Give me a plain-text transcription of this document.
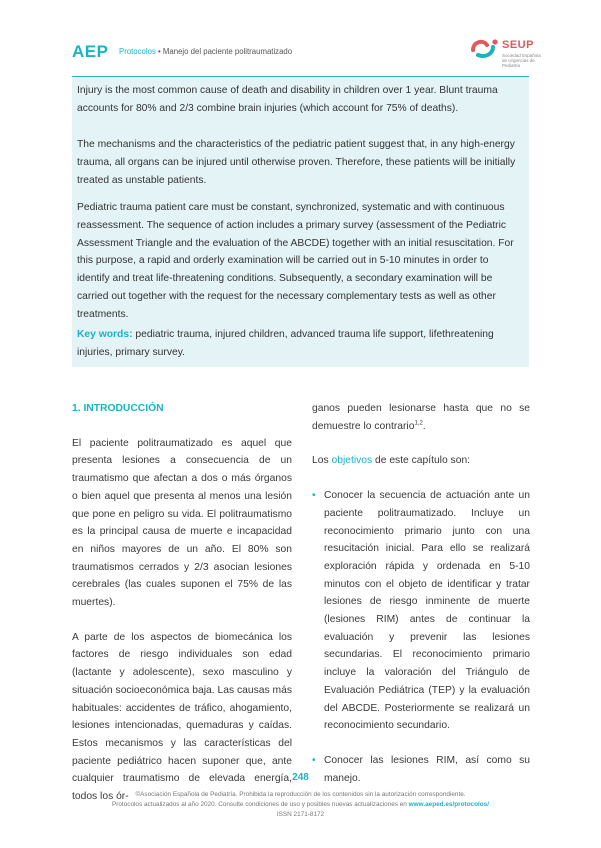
AEP Protocolos • Manejo del paciente politraumatizado
SEUP
Sociedad Española de Urgencias de Pediatría

Injury is the most common cause of death and disability in children over 1 year. Blunt trauma accounts for 80% and 2/3 combine brain injuries (which account for 75% of deaths).

The mechanisms and the characteristics of the pediatric patient suggest that, in any high-energy trauma, all organs can be injured until otherwise proven. Therefore, these patients will be initially treated as unstable patients.

Pediatric trauma patient care must be constant, synchronized, systematic and with continuous reassessment. The sequence of action includes a primary survey (assessment of the Pediatric Assessment Triangle and the evaluation of the ABCDE) together with an initial resuscitation. For this purpose, a rapid and orderly examination will be carried out in 5-10 minutes in order to identify and treat life-threatening conditions. Subsequently, a secondary examination will be carried out together with the request for the necessary complementary tests as well as other treatments.

Key words: pediatric trauma, injured children, advanced trauma life support, lifethreatening injuries, primary survey.

1. INTRODUCCIÓN

El paciente politraumatizado es aquel que presenta lesiones a consecuencia de un traumatismo que afectan a dos o más órganos o bien aquel que presenta al menos una lesión que pone en peligro su vida. El politraumatismo es la principal causa de muerte e incapacidad en niños mayores de un año. El 80% son traumatismos cerrados y 2/3 asocian lesiones cerebrales (las cuales suponen el 75% de las muertes).

A parte de los aspectos de biomecánica los factores de riesgo individuales son edad (lactante y adolescente), sexo masculino y situación socioeconómica baja. Las causas más habituales: accidentes de tráfico, ahogamiento, lesiones intencionadas, quemaduras y caídas. Estos mecanismos y las características del paciente pediátrico hacen suponer que, ante cualquier traumatismo de elevada energía, todos los ór-

ganos pueden lesionarse hasta que no se demuestre lo contrario$^{1,2}$.

Los objetivos de este capítulo son:

• Conocer la secuencia de actuación ante un paciente politraumatizado. Incluye un reconocimiento primario junto con una resucitación inicial. Para ello se realizará exploración rápida y ordenada en 5-10 minutos con el objeto de identificar y tratar lesiones de riesgo inminente de muerte (lesiones RIM) antes de continuar la evaluación y prevenir las lesiones secundarias. El reconocimiento primario incluye la valoración del Triángulo de Evaluación Pediátrica (TEP) y la evaluación del ABCDE. Posteriormente se realizará un reconocimiento secundario.
• Conocer las lesiones RIM, así como su manejo.
248
©Asociación Española de Pediatría. Prohibida la reproducción de los contenidos sin la autorización correspondiente.
Protocolos actualizados al año 2020. Consulte condiciones de uso y posibles nuevas actualizaciones en www.aeped.es/protocolos/
ISSN 2171-8172
